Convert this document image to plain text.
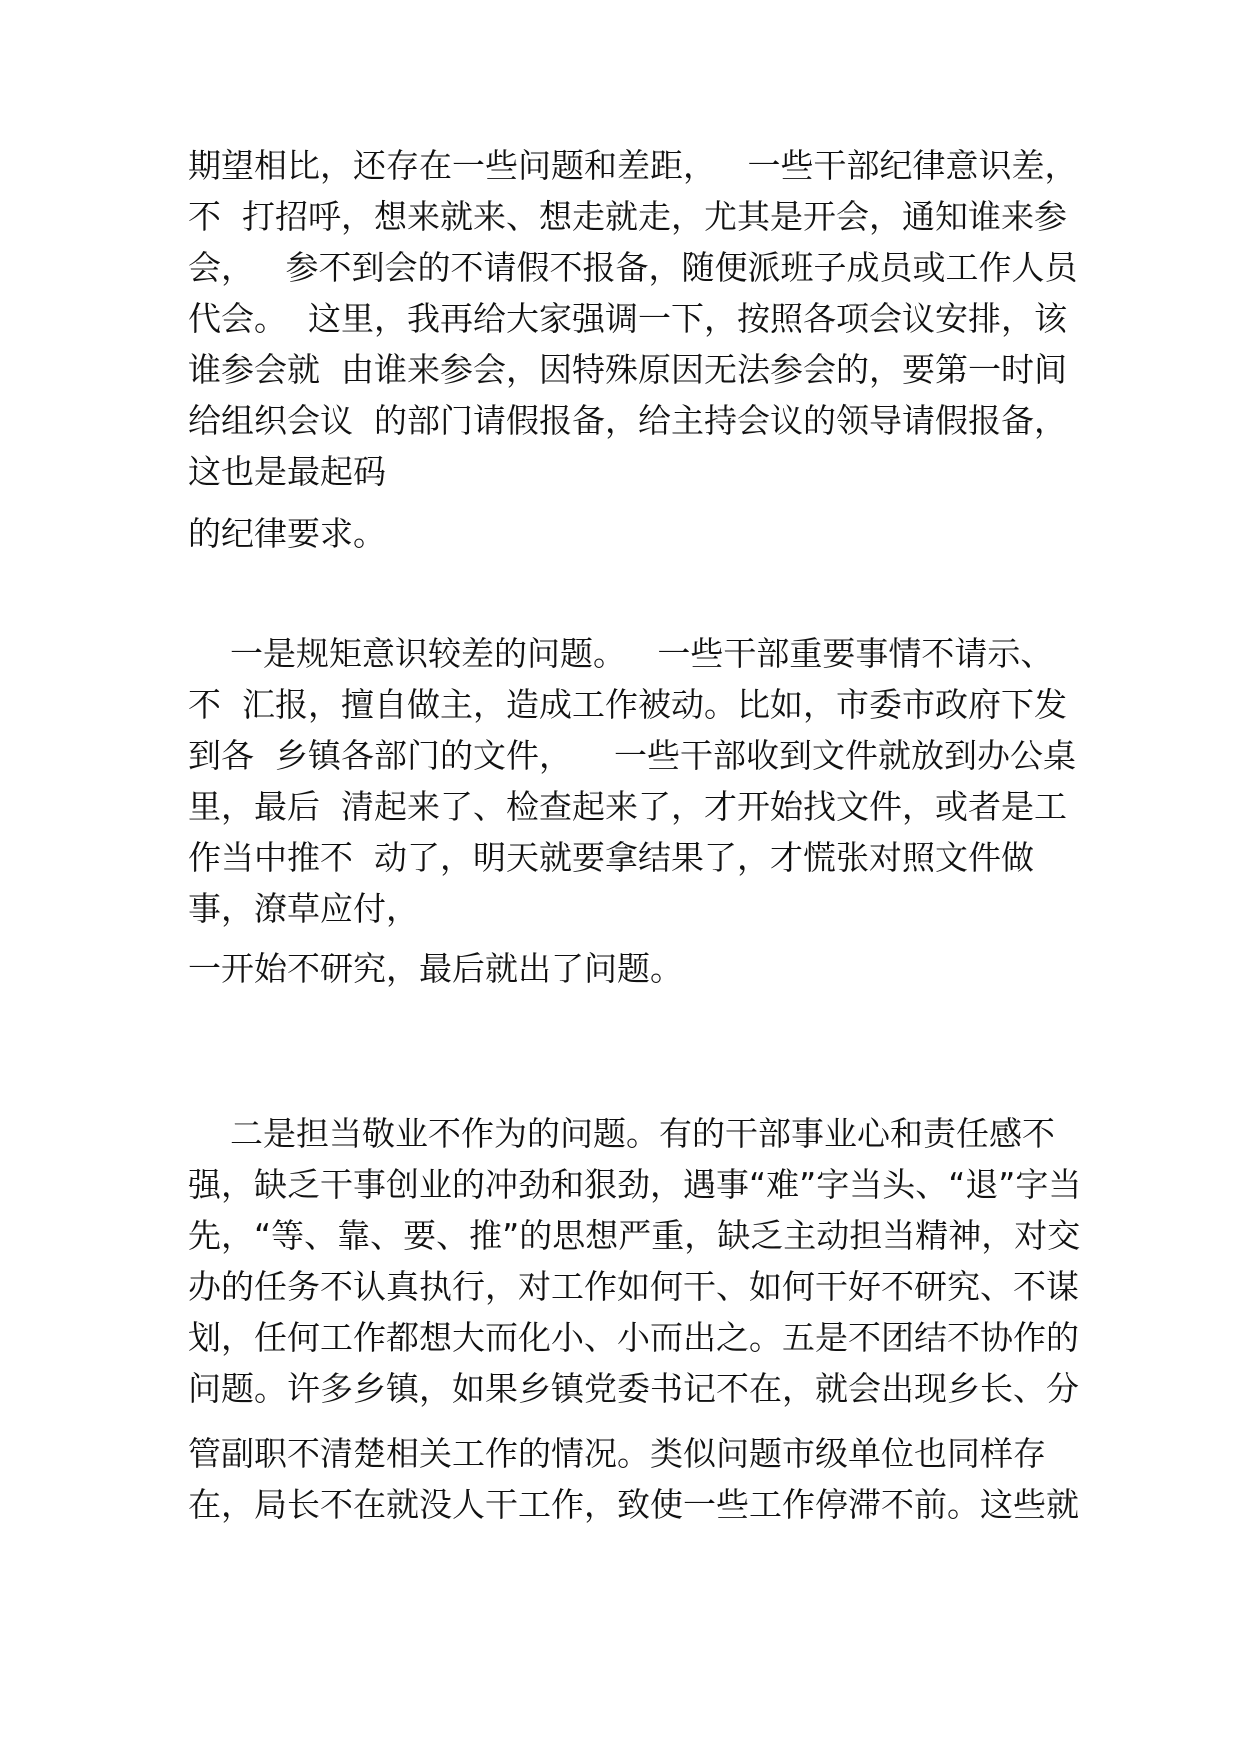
期望相比，还存在一些问题和差距，   一些干部纪律意识差，

不  打招呼，想来就来、想走就走，尤其是开会，通知谁来参

会，   参不到会的不请假不报备，随便派班子成员或工作人员

代会。  这里，我再给大家强调一下，按照各项会议安排，该

谁参会就  由谁来参会，因特殊原因无法参会的，要第一时间

给组织会议  的部门请假报备，给主持会议的领导请假报备，

这也是最起码

的纪律要求。

一是规矩意识较差的问题。   一些干部重要事情不请示、

不  汇报，擅自做主，造成工作被动。比如，市委市政府下发

到各  乡镇各部门的文件，    一些干部收到文件就放到办公桌

里，最后  清起来了、检查起来了，才开始找文件，或者是工

作当中推不  动了，明天就要拿结果了，才慌张对照文件做

事，潦草应付，

一开始不研究，最后就出了问题。

二是担当敬业不作为的问题。有的干部事业心和责任感不

强，缺乏干事创业的冲劲和狠劲，遇事“难”字当头、“退”字当

先，“等、靠、要、推”的思想严重，缺乏主动担当精神，对交

办的任务不认真执行，对工作如何干、如何干好不研究、不谋

划，任何工作都想大而化小、小而出之。五是不团结不协作的

问题。许多乡镇，如果乡镇党委书记不在，就会出现乡长、分

管副职不清楚相关工作的情况。类似问题市级单位也同样存

在，局长不在就没人干工作，致使一些工作停滞不前。这些就
